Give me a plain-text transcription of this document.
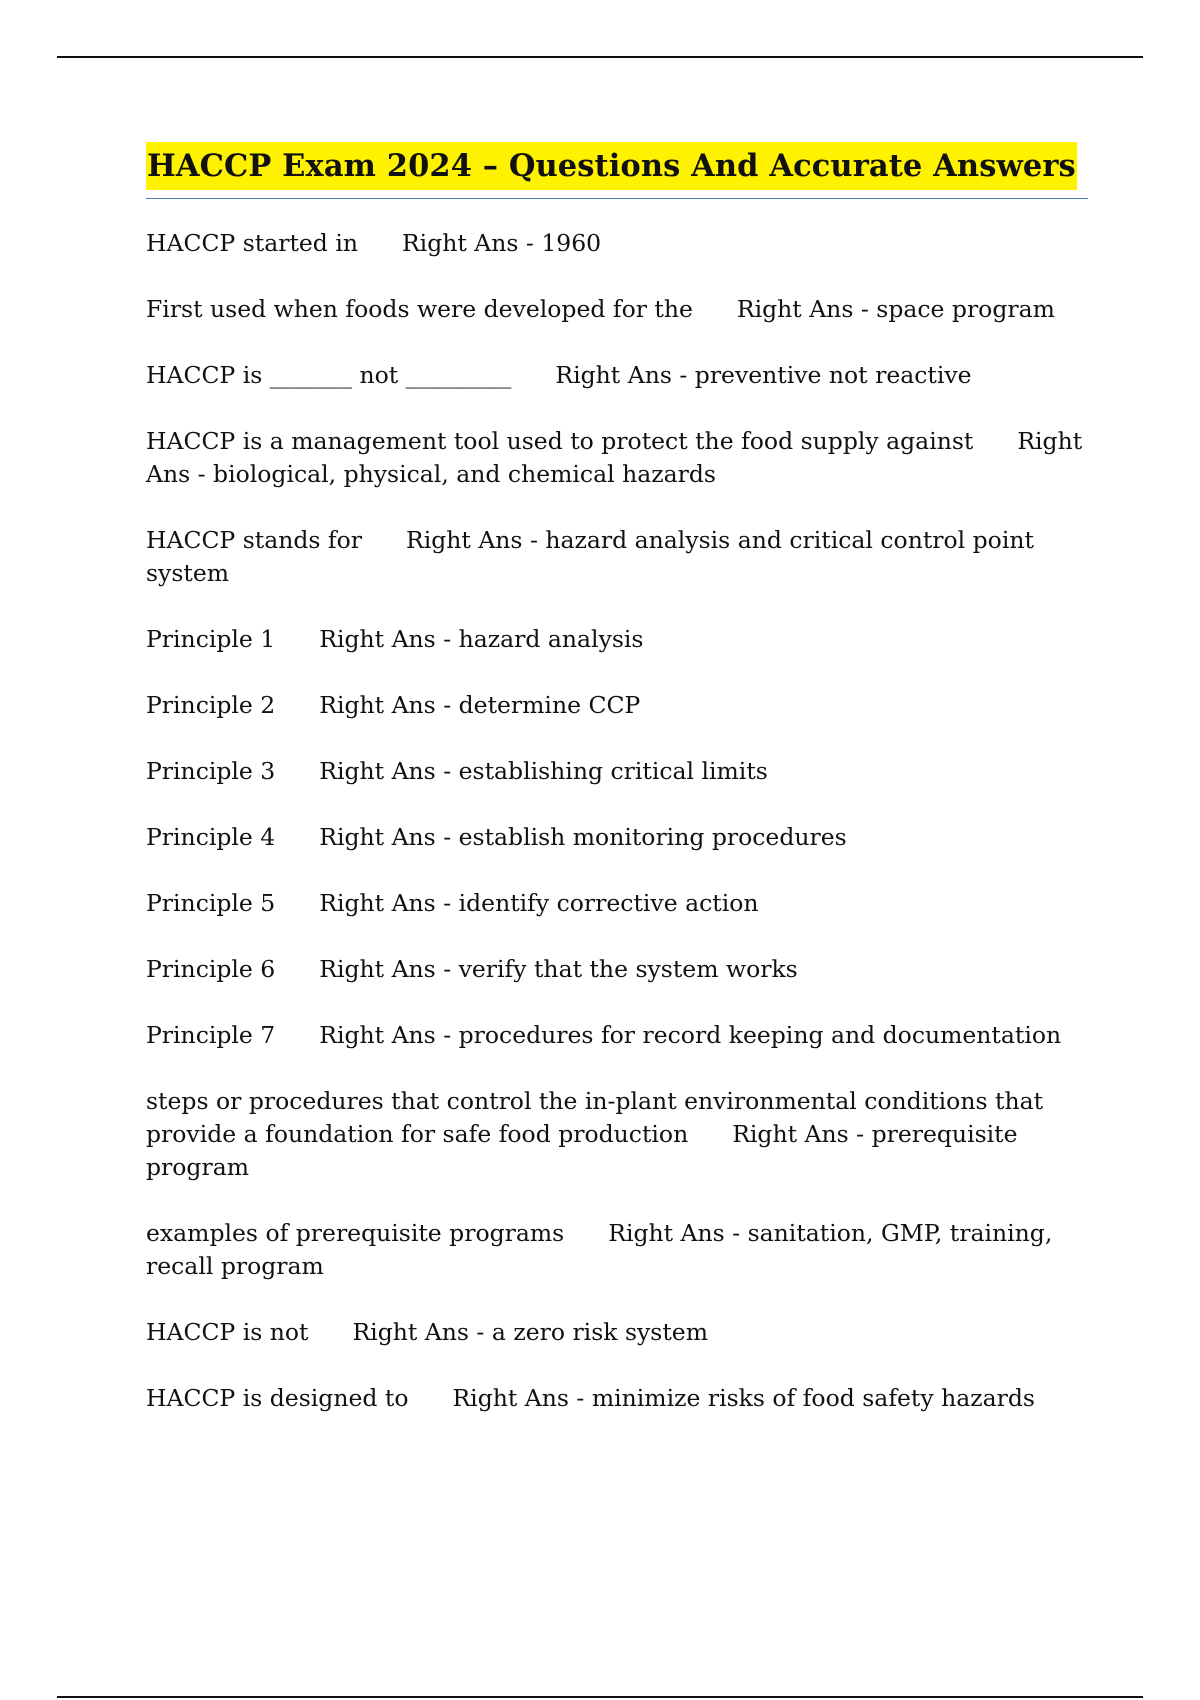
HACCP Exam 2024 – Questions And Accurate Answers

HACCP started in Right Ans - 1960

First used when foods were developed for the Right Ans - space program

HACCP is _______ not _________ Right Ans - preventive not reactive

HACCP is a management tool used to protect the food supply against Right Ans - biological, physical, and chemical hazards

HACCP stands for Right Ans - hazard analysis and critical control point system

Principle 1 Right Ans - hazard analysis

Principle 2 Right Ans - determine CCP

Principle 3 Right Ans - establishing critical limits

Principle 4 Right Ans - establish monitoring procedures

Principle 5 Right Ans - identify corrective action

Principle 6 Right Ans - verify that the system works

Principle 7 Right Ans - procedures for record keeping and documentation

steps or procedures that control the in-plant environmental conditions that provide a foundation for safe food production Right Ans - prerequisite program

examples of prerequisite programs Right Ans - sanitation, GMP, training, recall program

HACCP is not Right Ans - a zero risk system

HACCP is designed to Right Ans - minimize risks of food safety hazards
